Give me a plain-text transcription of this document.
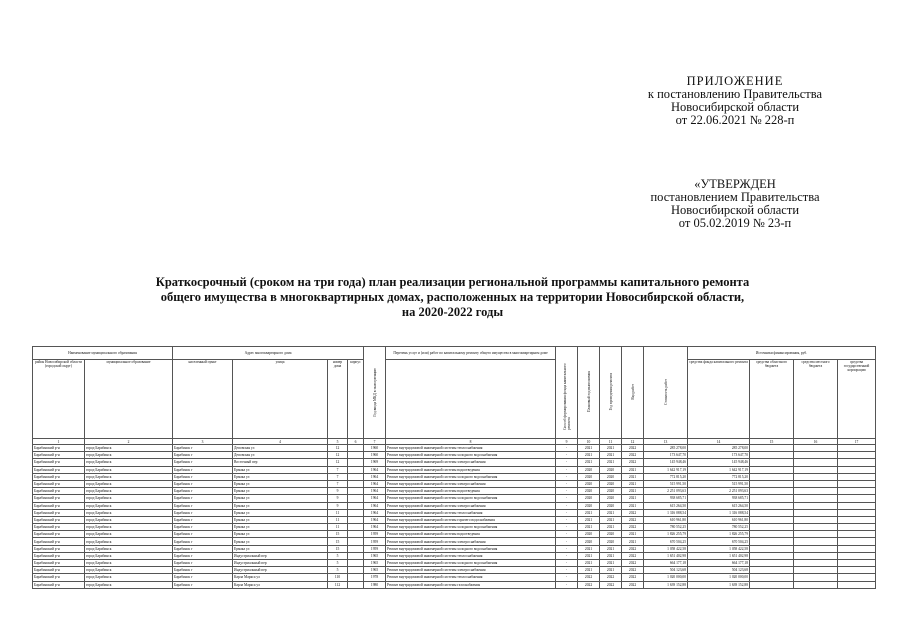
ПРИЛОЖЕНИЕ
к постановлению Правительства
Новосибирской области
от 22.06.2021 № 228-п
«УТВЕРЖДЕН
постановлением Правительства
Новосибирской области
от 05.02.2019 № 23-п
Краткосрочный (сроком на три года) план реализации региональной программы капитального ремонта
общего имущества в многоквартирных домах, расположенных на территории Новосибирской области,
на 2020-2022 годы
Наименование муниципального образования		Адрес многоквартирного дома				Год ввода МКД в эксплуатацию	Перечень услуг и (или) работ по капитальному ремонту общего имущества в многоквартирном доме	Способ формирования фонда капитального ремонта	Плановый год выполнения	Год проведения ремонта	Вид работ	Стоимость работ	Источники финансирования, руб.			
район Новосибирской области (городской округ)	муниципальное образование	населенный пункт	улица	номер дома	корпус								средства фонда капитального ремонта	средства областного бюджета	средства местного бюджета	средства государственной корпорации
1	2	3	4	5	6	7	8	9	10	11	12	13	14	15	16	17
Барабинский р-н	город Барабинск	Барабинск г	Деповская ул	12		1960	Ремонт внутридомовой инженерной системы теплоснабжения	-	2021	2021	2022	285 278,00	285 278,00			
Барабинский р-н	город Барабинск	Барабинск г	Деповская ул	12		1960	Ремонт внутридомовой инженерной системы холодного водоснабжения	-	2021	2021	2022	173 647,70	173 647,70			
Барабинский р-н	город Барабинск	Барабинск г	Восточный пер	12		1969	Ремонт внутридомовой инженерной системы электроснабжения	-	2021	2021	2022	145 948,46	145 948,46			
Барабинский р-н	город Барабинск	Барабинск г	Ермака ул	7		1964	Ремонт внутридомовой инженерной системы водоотведения	-	2020	2020	2021	1 642 917,19	1 642 917,19			
Барабинский р-н	город Барабинск	Барабинск г	Ермака ул	7		1964	Ремонт внутридомовой инженерной системы холодного водоснабжения	-	2020	2020	2021	772 815,20	772 815,20			
Барабинский р-н	город Барабинск	Барабинск г	Ермака ул	7		1964	Ремонт внутридомовой инженерной системы электроснабжения	-	2020	2020	2021	515 991,50	515 991,50			
Барабинский р-н	город Барабинск	Барабинск г	Ермака ул	9		1964	Ремонт внутридомовой инженерной системы водоотведения	-	2020	2020	2021	2 251 093,63	2 251 093,63			
Барабинский р-н	город Барабинск	Барабинск г	Ермака ул	9		1964	Ремонт внутридомовой инженерной системы холодного водоснабжения	-	2020	2020	2021	938 685,71	938 685,71			
Барабинский р-н	город Барабинск	Барабинск г	Ермака ул	9		1964	Ремонт внутридомовой инженерной системы электроснабжения	-	2020	2020	2021	615 264,50	615 264,50			
Барабинский р-н	город Барабинск	Барабинск г	Ермака ул	11		1964	Ремонт внутридомовой инженерной системы теплоснабжения	-	2021	2021	2022	1 316 088,54	1 316 088,54			
Барабинский р-н	город Барабинск	Барабинск г	Ермака ул	11		1964	Ремонт внутридомовой инженерной системы горячего водоснабжения	-	2021	2021	2022	610 961,80	610 961,80			
Барабинский р-н	город Барабинск	Барабинск г	Ермака ул	11		1964	Ремонт внутридомовой инженерной системы холодного водоснабжения	-	2021	2021	2022	780 552,25	780 552,25			
Барабинский р-н	город Барабинск	Барабинск г	Ермака ул	15		1959	Ремонт внутридомовой инженерной системы водоотведения	-	2020	2020	2021	1 826 255,79	1 826 255,79			
Барабинский р-н	город Барабинск	Барабинск г	Ермака ул	15		1959	Ремонт внутридомовой инженерной системы электроснабжения	-	2020	2020	2021	670 504,25	670 504,25			
Барабинский р-н	город Барабинск	Барабинск г	Ермака ул	15		1959	Ремонт внутридомовой инженерной системы холодного водоснабжения	-	2021	2021	2022	1 058 422,58	1 058 422,58			
Барабинский р-н	город Барабинск	Барабинск г	Индустриальный пер	5		1965	Ремонт внутридомовой инженерной системы теплоснабжения	-	2021	2021	2022	1 651 402,98	1 651 402,98			
Барабинский р-н	город Барабинск	Барабинск г	Индустриальный пер	5		1965	Ремонт внутридомовой инженерной системы холодного водоснабжения	-	2021	2021	2022	664 177,18	664 177,18			
Барабинский р-н	город Барабинск	Барабинск г	Индустриальный пер	5		1965	Ремонт внутридомовой инженерной системы электроснабжения	-	2021	2021	2022	504 123,68	504 123,68			
Барабинский р-н	город Барабинск	Барабинск г	Карла Маркса ул	110		1978	Ремонт внутридомовой инженерной системы теплоснабжения	-	2022	2022	2022	1 020 000,00	1 020 000,00			
Барабинский р-н	город Барабинск	Барабинск г	Карла Маркса ул	112		1980	Ремонт внутридомовой инженерной системы газоснабжения	-	2022	2022	2022	1 639 152,88	1 639 152,88			
